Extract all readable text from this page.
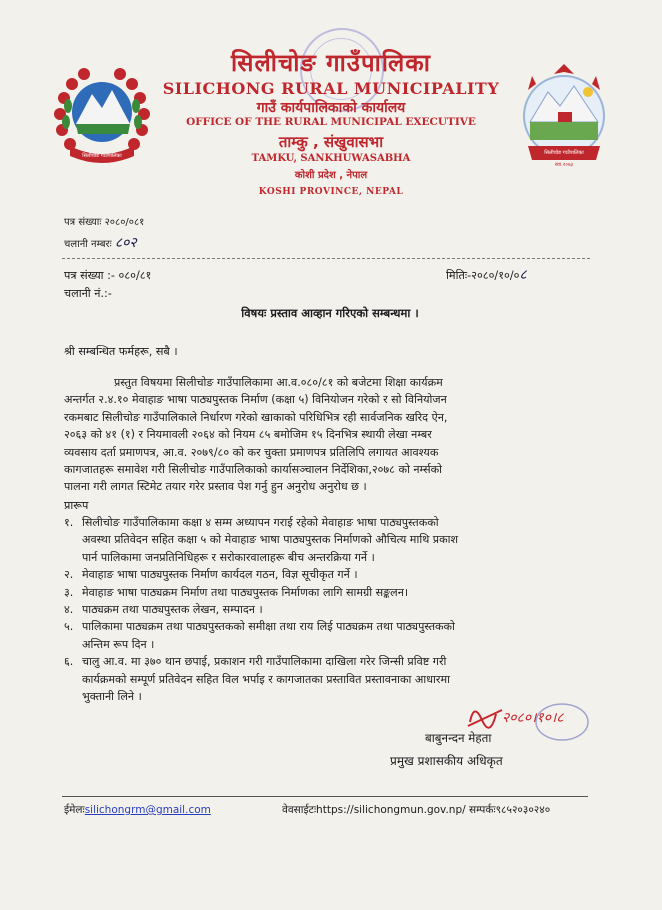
सिलीचोङ गाउँपालिका	सिलीचोङ गाउँपालिका
स्था.२०७३
सिलीचोङ गाउँपालिका
SILICHONG RURAL MUNICIPALITY
गाउँ कार्यपालिकाको कार्यालय
OFFICE OF THE RURAL MUNICIPAL EXECUTIVE
ताम्कु , संखुवासभा
TAMKU, SANKHUWASABHA
कोशी प्रदेश , नेपाल
KOSHI PROVINCE, NEPAL
पत्र संख्याः २०८०/०८१
चलानी नम्बरः ८०२
पत्र संख्या :- ०८०/८१
चलानी नं.:-
मितिः-२०८०/१०/०८
विषयः प्रस्ताव आव्हान गरिएको सम्बन्धमा ।
श्री सम्बन्धित फर्महरू, सबै ।
प्रस्तुत विषयमा सिलीचोङ गाउँपालिकामा आ.व.०८०/८१ को बजेटमा शिक्षा कार्यक्रम
अन्तर्गत २.४.१० मेवाहाङ भाषा पाठ्यपुस्तक निर्माण (कक्षा ५) विनियोजन गरेको र सो विनियोजन
रकमबाट सिलीचोङ गाउँपालिकाले निर्धारण गरेको खाकाको परिधिभित्र रही सार्वजनिक खरिद ऐन,
२०६३ को ४१ (१) र नियमावली २०६४ को नियम ८५ बमोजिम १५ दिनभित्र स्थायी लेखा नम्बर
व्यवसाय दर्ता प्रमाणपत्र, आ.व. २०७९/८० को कर चुक्ता प्रमाणपत्र प्रतिलिपि लगायत आवश्यक
कागजातहरू समावेश गरी सिलीचोङ गाउँपालिकाको कार्यासञ्चालन निर्देशिका,२०७८ को नर्म्सको
पालना गरी लागत स्टिमेट तयार गरेर प्रस्ताव पेश गर्नु हुन अनुरोध अनुरोध छ ।
प्रारूप
१. सिलीचोङ गाउँपालिकामा कक्षा ४ सम्म अध्यापन गराई रहेको मेवाहाङ भाषा पाठ्यपुस्तकको
अवस्था प्रतिवेदन सहित कक्षा ५ को मेवाहाङ भाषा पाठ्यपुस्तक निर्माणको औचित्य माथि प्रकाश
पार्न पालिकामा जनप्रतिनिधिहरू र सरोकारवालाहरू बीच अन्तरक्रिया गर्ने ।
२. मेवाहाङ भाषा पाठ्यपुस्तक निर्माण कार्यदल गठन, विज्ञ सूचीकृत गर्ने ।
३. मेवाहाङ भाषा पाठ्यक्रम निर्माण तथा पाठ्यपुस्तक निर्माणका लागि सामग्री सङ्कलन।
४. पाठ्यक्रम तथा पाठ्यपुस्तक लेखन, सम्पादन ।
५. पालिकामा पाठ्यक्रम तथा पाठ्यपुस्तकको समीक्षा तथा राय लिई पाठ्यक्रम तथा पाठ्यपुस्तकको
अन्तिम रूप दिन ।
६. चालु आ.व. मा ३७० थान छपाई, प्रकाशन गरी गाउँपालिकामा दाखिला गरेर जिन्सी प्रविष्ट गरी
कार्यक्रमको सम्पूर्ण प्रतिवेदन सहित विल भर्पाइ र कागजातका प्रस्तावित प्रस्तावनाका आधारमा
भुक्तानी लिने ।
२०८०।१०।८
बाबुनन्दन मेहता
प्रमुख प्रशासकीय अधिकृत
ईमेलःsilichongrm@gmail.com	वेवसाईटःhttps://silichongmun.gov.np/ सम्पर्कः९८५२०३०२४०
